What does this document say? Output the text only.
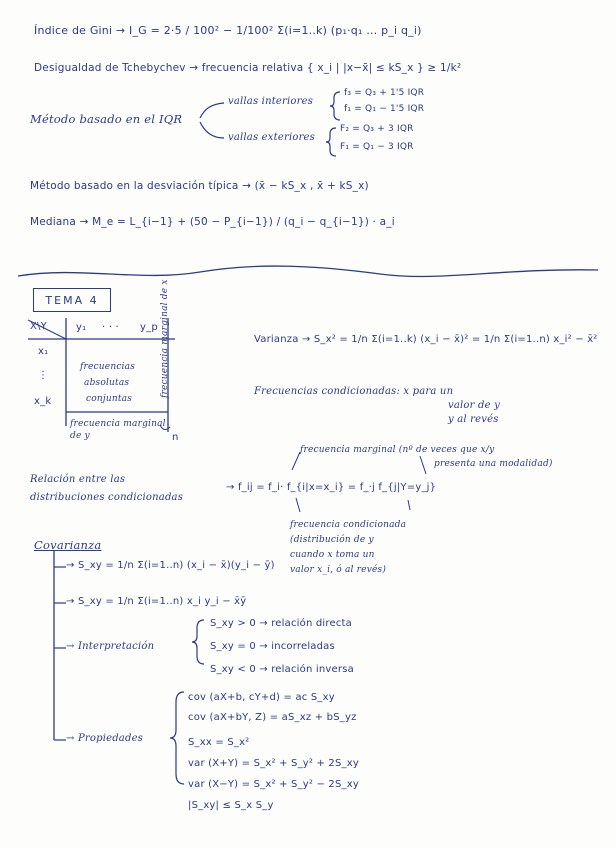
Índice de Gini → I_G = 2·5 / 100² − 1/100² Σ(i=1..k) (p₁·q₁ … p_i q_i)
Desigualdad de Tchebychev → frecuencia relativa { x_i | |x−x̄| ≤ kS_x } ≥ 1/k²
Método basado en el IQR
vallas interiores
f₃ = Q₃ + 1'5 IQR
f₁ = Q₁ − 1'5 IQR
vallas exteriores
F₂ = Q₃ + 3 IQR
F₁ = Q₁ − 3 IQR
Método basado en la desviación típica → (x̄ − kS_x , x̄ + kS_x)
Mediana → M_e = L_{i−1} + (50 − P_{i−1}) / (q_i − q_{i−1}) · a_i
TEMA 4
X\Y	y₁ · · · y_p
x₁
⋮
x_k
frecuencias
absolutas
conjuntas
frecuencia marginal de y
frecuencia marginal de x
n
Varianza → S_x² = 1/n Σ(i=1..k) (x_i − x̄)² = 1/n Σ(i=1..n) x_i² − x̄²
Frecuencias condicionadas: x para un
valor de y
y al revés
frecuencia marginal (nº de veces que x/y
presenta una modalidad)
Relación entre las
distribuciones condicionadas
→ f_ij = f_i· f_{i|x=x_i} = f_·j f_{j|Y=y_j}
frecuencia condicionada
(distribución de y
cuando x toma un
valor x_i, ó al revés)
Covarianza
→ S_xy = 1/n Σ(i=1..n) (x_i − x̄)(y_i − ȳ)
→ S_xy = 1/n Σ(i=1..n) x_i y_i − x̄ȳ
→ Interpretación
S_xy > 0 → relación directa
S_xy = 0 → incorreladas
S_xy < 0 → relación inversa
→ Propiedades
cov (aX+b, cY+d) = ac S_xy
cov (aX+bY, Z) = aS_xz + bS_yz
S_xx = S_x²
var (X+Y) = S_x² + S_y² + 2S_xy
var (X−Y) = S_x² + S_y² − 2S_xy
|S_xy| ≤ S_x S_y
